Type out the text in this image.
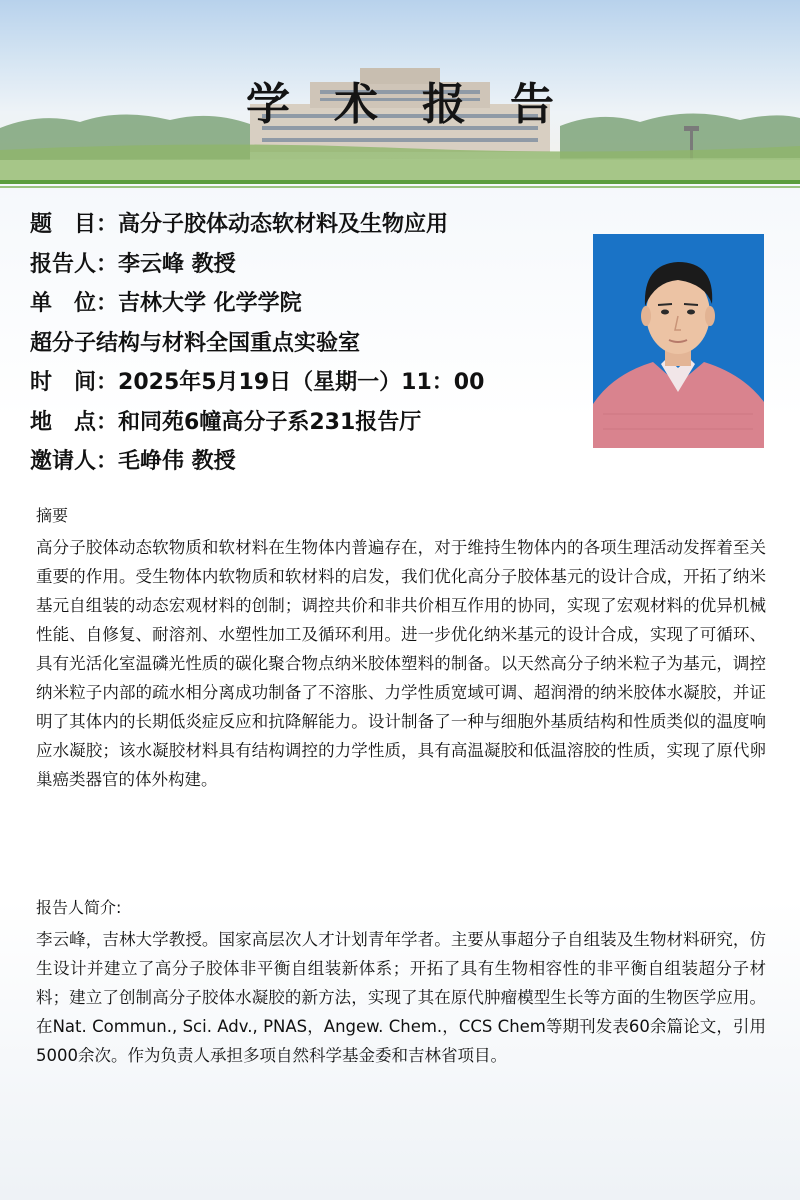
学术报告
题　目：高分子胶体动态软材料及生物应用
报告人：李云峰 教授
单　位：吉林大学 化学学院
超分子结构与材料全国重点实验室
时　间：2025年5月19日（星期一）11：00
地　点：和同苑6幢高分子系231报告厅
邀请人：毛峥伟 教授
摘要
高分子胶体动态软物质和软材料在生物体内普遍存在，对于维持生物体内的各项生理活动发挥着至关重要的作用。受生物体内软物质和软材料的启发，我们优化高分子胶体基元的设计合成，开拓了纳米基元自组装的动态宏观材料的创制；调控共价和非共价相互作用的协同，实现了宏观材料的优异机械性能、自修复、耐溶剂、水塑性加工及循环利用。进一步优化纳米基元的设计合成，实现了可循环、具有光活化室温磷光性质的碳化聚合物点纳米胶体塑料的制备。以天然高分子纳米粒子为基元，调控纳米粒子内部的疏水相分离成功制备了不溶胀、力学性质宽域可调、超润滑的纳米胶体水凝胶，并证明了其体内的长期低炎症反应和抗降解能力。设计制备了一种与细胞外基质结构和性质类似的温度响应水凝胶；该水凝胶材料具有结构调控的力学性质，具有高温凝胶和低温溶胶的性质，实现了原代卵巢癌类器官的体外构建。
报告人简介:
李云峰，吉林大学教授。国家高层次人才计划青年学者。主要从事超分子自组装及生物材料研究，仿生设计并建立了高分子胶体非平衡自组装新体系；开拓了具有生物相容性的非平衡自组装超分子材料；建立了创制高分子胶体水凝胶的新方法，实现了其在原代肿瘤模型生长等方面的生物医学应用。在Nat. Commun., Sci. Adv., PNAS，Angew. Chem.，CCS Chem等期刊发表60余篇论文，引用5000余次。作为负责人承担多项自然科学基金委和吉林省项目。
